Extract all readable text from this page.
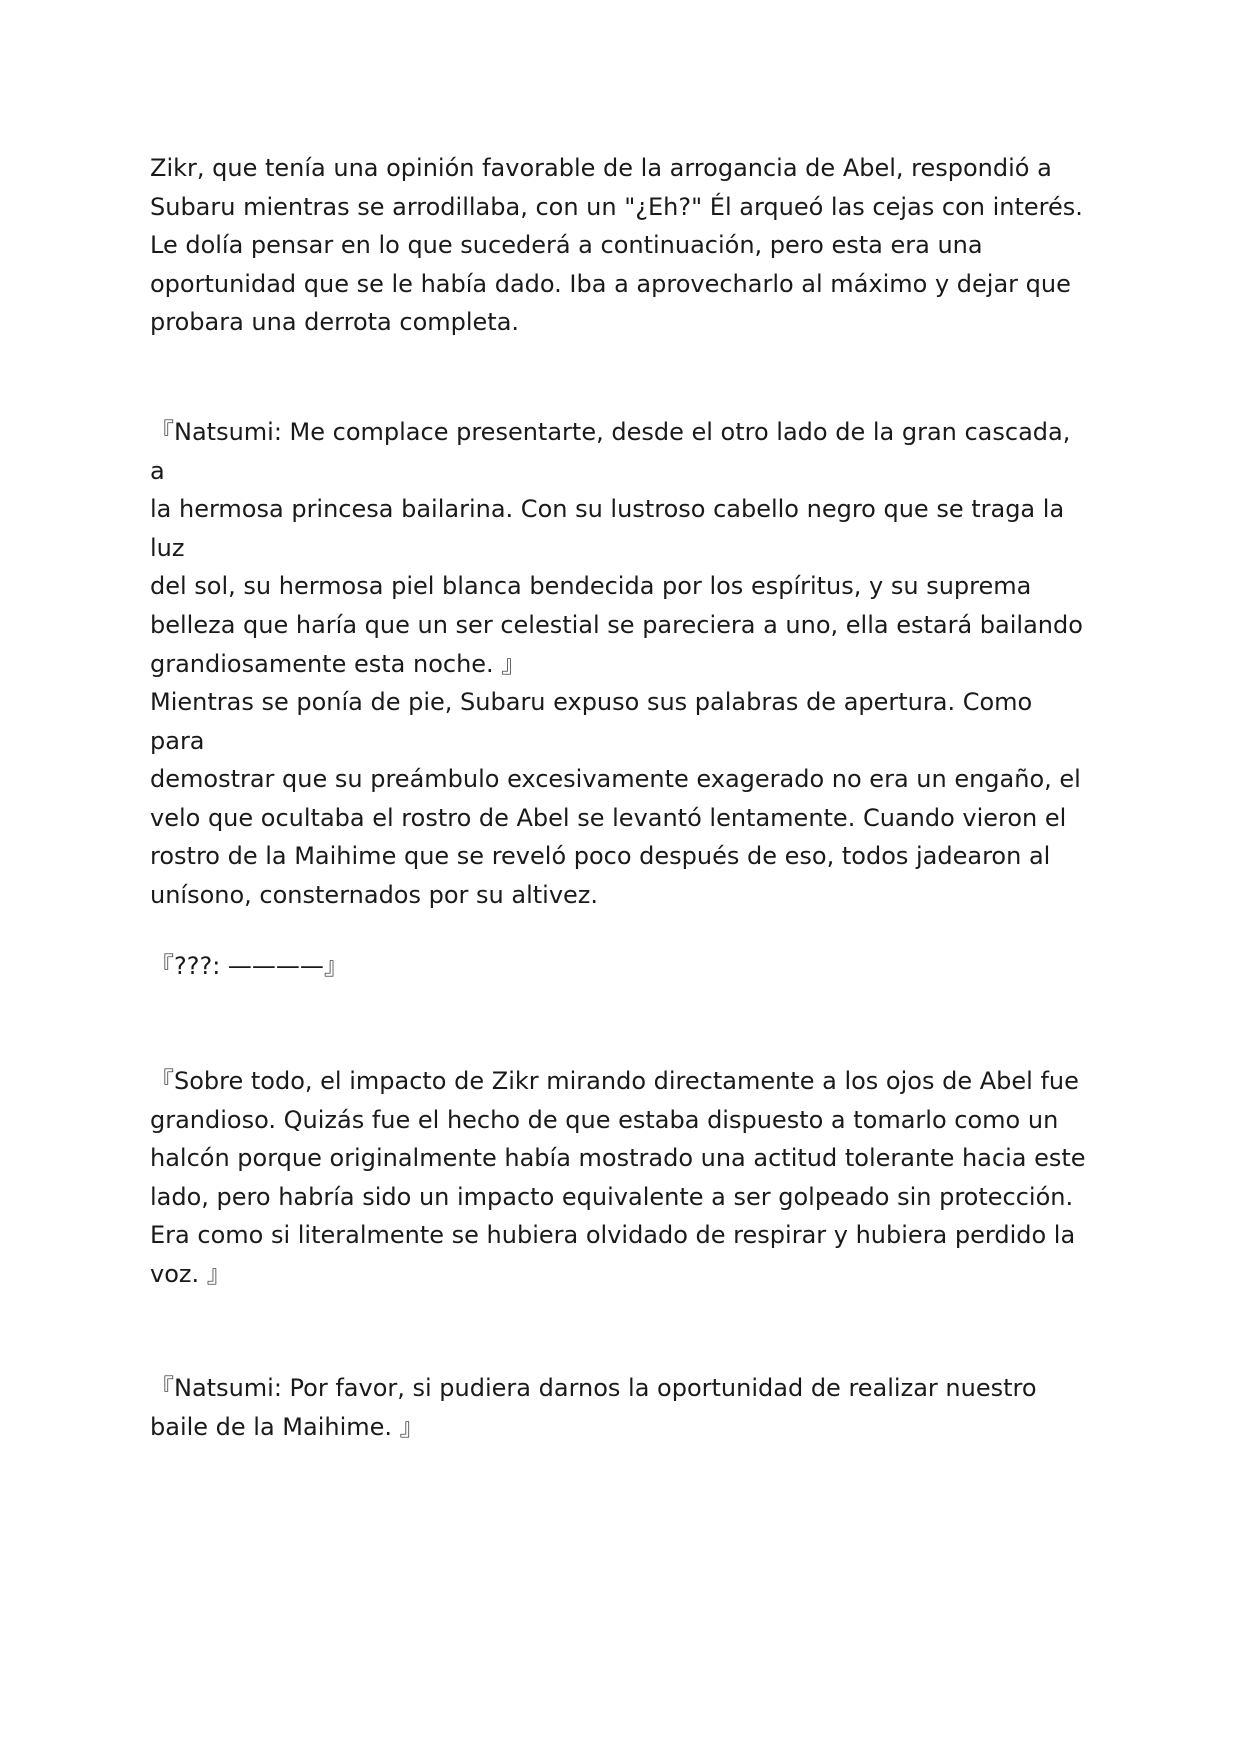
Zikr, que tenía una opinión favorable de la arrogancia de Abel, respondió a
Subaru mientras se arrodillaba, con un "¿Eh?" Él arqueó las cejas con interés.
Le dolía pensar en lo que sucederá a continuación, pero esta era una
oportunidad que se le había dado. Iba a aprovecharlo al máximo y dejar que
probara una derrota completa.

『Natsumi: Me complace presentarte, desde el otro lado de la gran cascada, a
la hermosa princesa bailarina. Con su lustroso cabello negro que se traga la luz
del sol, su hermosa piel blanca bendecida por los espíritus, y su suprema
belleza que haría que un ser celestial se pareciera a uno, ella estará bailando
grandiosamente esta noche. 』

Mientras se ponía de pie, Subaru expuso sus palabras de apertura. Como para
demostrar que su preámbulo excesivamente exagerado no era un engaño, el
velo que ocultaba el rostro de Abel se levantó lentamente. Cuando vieron el
rostro de la Maihime que se reveló poco después de eso, todos jadearon al
unísono, consternados por su altivez.

『???: ————』

『Sobre todo, el impacto de Zikr mirando directamente a los ojos de Abel fue
grandioso. Quizás fue el hecho de que estaba dispuesto a tomarlo como un
halcón porque originalmente había mostrado una actitud tolerante hacia este
lado, pero habría sido un impacto equivalente a ser golpeado sin protección.
Era como si literalmente se hubiera olvidado de respirar y hubiera perdido la
voz. 』

『Natsumi: Por favor, si pudiera darnos la oportunidad de realizar nuestro
baile de la Maihime. 』
